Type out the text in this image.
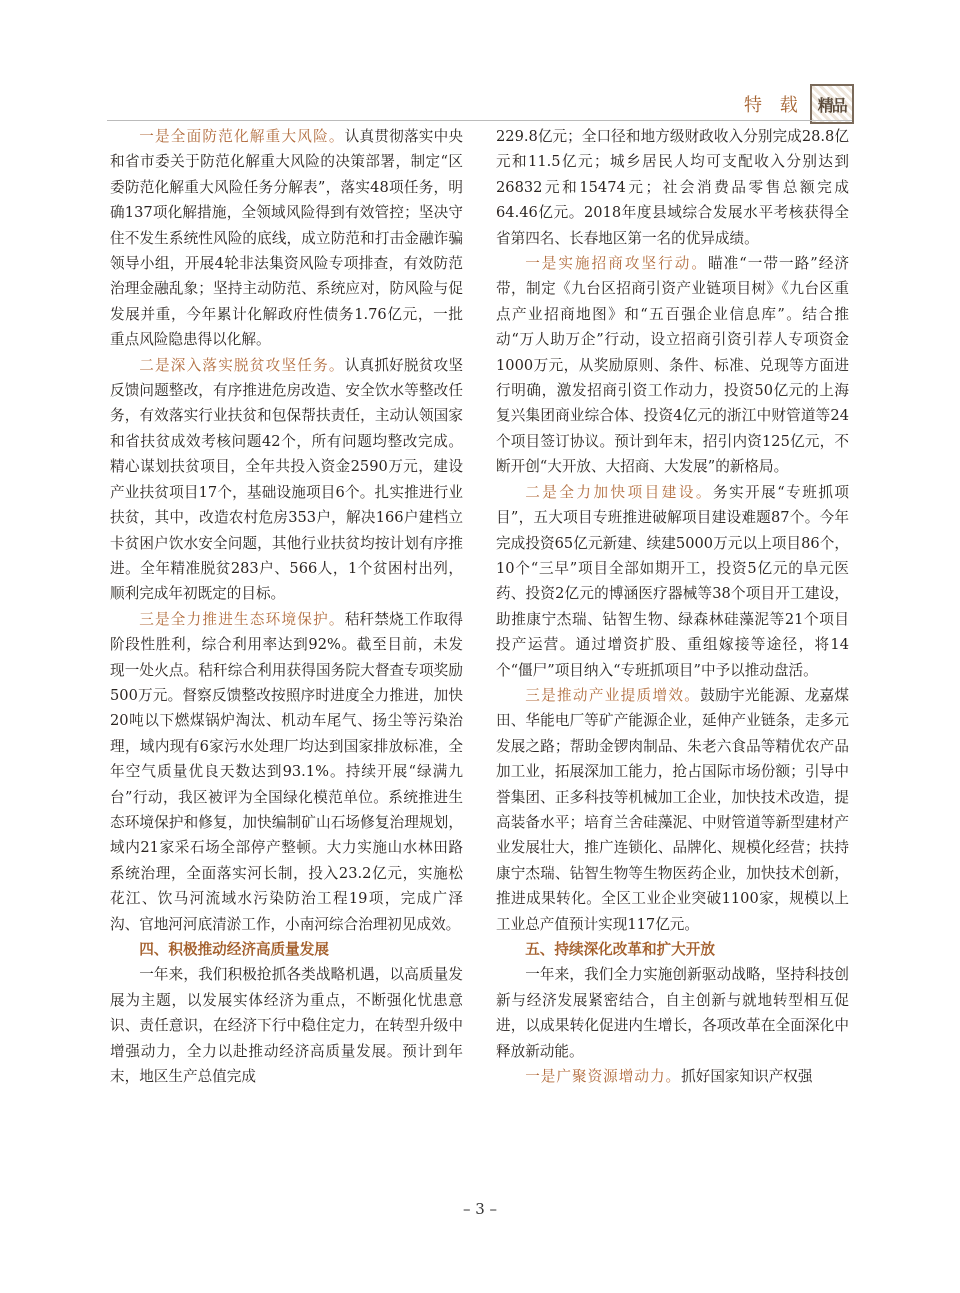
特 载 精品

一是全面防范化解重大风险。认真贯彻落实中央和省市委关于防范化解重大风险的决策部署，制定“区委防范化解重大风险任务分解表”，落实48项任务，明确137项化解措施，全领域风险得到有效管控；坚决守住不发生系统性风险的底线，成立防范和打击金融诈骗领导小组，开展4轮非法集资风险专项排查，有效防范治理金融乱象；坚持主动防范、系统应对，防风险与促发展并重，今年累计化解政府性债务1.76亿元，一批重点风险隐患得以化解。

二是深入落实脱贫攻坚任务。认真抓好脱贫攻坚反馈问题整改，有序推进危房改造、安全饮水等整改任务，有效落实行业扶贫和包保帮扶责任，主动认领国家和省扶贫成效考核问题42个，所有问题均整改完成。精心谋划扶贫项目，全年共投入资金2590万元，建设产业扶贫项目17个，基础设施项目6个。扎实推进行业扶贫，其中，改造农村危房353户，解决166户建档立卡贫困户饮水安全问题，其他行业扶贫均按计划有序推进。全年精准脱贫283户、566人，1个贫困村出列，顺利完成年初既定的目标。

三是全力推进生态环境保护。秸秆禁烧工作取得阶段性胜利，综合利用率达到92%。截至目前，未发现一处火点。秸秆综合利用获得国务院大督查专项奖励500万元。督察反馈整改按照序时进度全力推进，加快20吨以下燃煤锅炉淘汰、机动车尾气、扬尘等污染治理，域内现有6家污水处理厂均达到国家排放标准，全年空气质量优良天数达到93.1%。持续开展“绿满九台”行动，我区被评为全国绿化模范单位。系统推进生态环境保护和修复，加快编制矿山石场修复治理规划，域内21家采石场全部停产整顿。大力实施山水林田路系统治理，全面落实河长制，投入23.2亿元，实施松花江、饮马河流域水污染防治工程19项，完成广泽沟、官地河河底清淤工作，小南河综合治理初见成效。

四、积极推动经济高质量发展

一年来，我们积极抢抓各类战略机遇，以高质量发展为主题，以发展实体经济为重点，不断强化忧患意识、责任意识，在经济下行中稳住定力，在转型升级中增强动力，全力以赴推动经济高质量发展。预计到年末，地区生产总值完成

229.8亿元；全口径和地方级财政收入分别完成28.8亿元和11.5亿元；城乡居民人均可支配收入分别达到26832元和15474元；社会消费品零售总额完成64.46亿元。2018年度县域综合发展水平考核获得全省第四名、长春地区第一名的优异成绩。

一是实施招商攻坚行动。瞄准“一带一路”经济带，制定《九台区招商引资产业链项目树》《九台区重点产业招商地图》和“五百强企业信息库”。结合推动“万人助万企”行动，设立招商引资引荐人专项资金1000万元，从奖励原则、条件、标准、兑现等方面进行明确，激发招商引资工作动力，投资50亿元的上海复兴集团商业综合体、投资4亿元的浙江中财管道等24个项目签订协议。预计到年末，招引内资125亿元，不断开创“大开放、大招商、大发展”的新格局。

二是全力加快项目建设。务实开展“专班抓项目”，五大项目专班推进破解项目建设难题87个。今年完成投资65亿元新建、续建5000万元以上项目86个，10个“三早”项目全部如期开工，投资5亿元的阜元医药、投资2亿元的博涵医疗器械等38个项目开工建设，助推康宁杰瑞、钻智生物、绿森林硅藻泥等21个项目投产运营。通过增资扩股、重组嫁接等途径，将14个“僵尸”项目纳入“专班抓项目”中予以推动盘活。

三是推动产业提质增效。鼓励宇光能源、龙嘉煤田、华能电厂等矿产能源企业，延伸产业链条，走多元发展之路；帮助金锣肉制品、朱老六食品等精优农产品加工业，拓展深加工能力，抢占国际市场份额；引导中誉集团、正多科技等机械加工企业，加快技术改造，提高装备水平；培育兰舍硅藻泥、中财管道等新型建材产业发展壮大，推广连锁化、品牌化、规模化经营；扶持康宁杰瑞、钻智生物等生物医药企业，加快技术创新，推进成果转化。全区工业企业突破1100家，规模以上工业总产值预计实现117亿元。

五、持续深化改革和扩大开放

一年来，我们全力实施创新驱动战略，坚持科技创新与经济发展紧密结合，自主创新与就地转型相互促进，以成果转化促进内生增长，各项改革在全面深化中释放新动能。

一是广聚资源增动力。抓好国家知识产权强

– 3 –
